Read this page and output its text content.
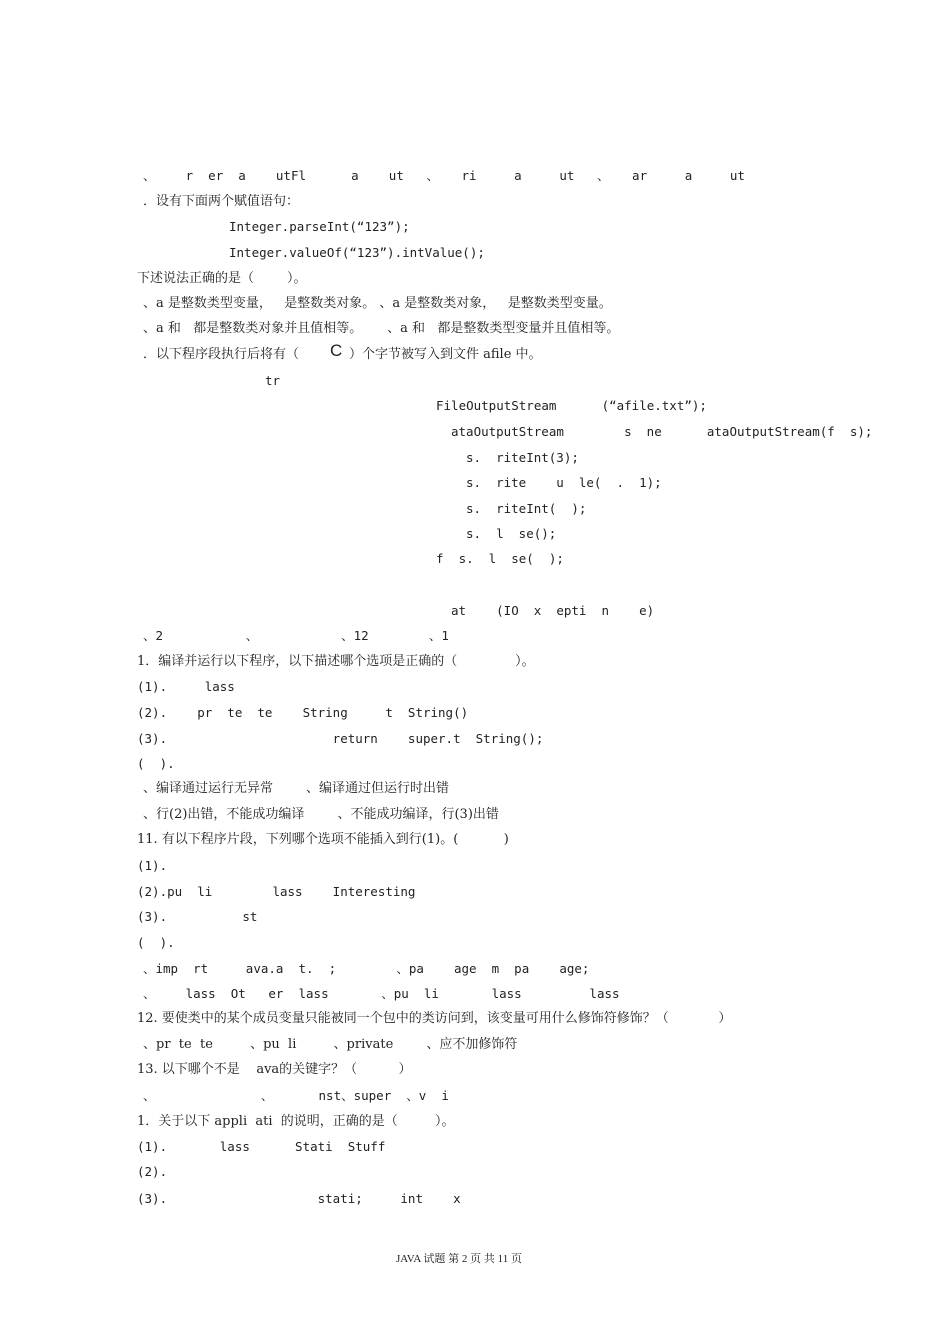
、    r  er  a    utFl      a    ut   、   ri     a     ut   、   ar     a     ut
．设有下面两个赋值语句：
Integer.parseInt(“123”);
Integer.valueOf(“123”).intValue();
下述说法正确的是（        ）。
、a 是整数类型变量，   是整数类对象。 、a 是整数类对象，   是整数类型变量。
、a 和   都是整数类对象并且值相等。      、a 和   都是整数类型变量并且值相等。
．以下程序段执行后将有（ C ）个字节被写入到文件 afile 中。
tr
FileOutputStream      (“afile.txt”);
ataOutputStream        s  ne      ataOutputStream(f  s);
s.  riteInt(3);
s.  rite    u  le(  .  1);
s.  riteInt(  );
s.  l  se();
f  s.  l  se(  );
at    (IO  x  epti  n    e)
、2           、           、12        、1
1．编译并运行以下程序，以下描述哪个选项是正确的（              ）。
(1).     lass
(2).    pr  te  te    String     t  String()
(3).                      return    super.t  String();
(  ).
、编译通过运行无异常        、编译通过但运行时出错
、行(2)出错，不能成功编译        、不能成功编译，行(3)出错
11. 有以下程序片段，下列哪个选项不能插入到行(1)。(           )
(1).
(2).pu  li        lass    Interesting
(3).          st
(  ).
、imp  rt     ava.a  t.  ;        、pa    age  m  pa    age;
、    lass  Ot   er  lass       、pu  li       lass         lass
12. 要使类中的某个成员变量只能被同一个包中的类访问到，该变量可用什么修饰符修饰？（            ）
、pr  te  te         、pu  li         、private        、应不加修饰符
13. 以下哪个不是    ava的关键字？（          ）
、              、      nst、super  、v  i
1．关于以下 appli  ati  的说明，正确的是（         ）。
(1).       lass      Stati  Stuff
(2).
(3).                    stati;     int    x
JAVA 试题 第 2 页 共 11 页
